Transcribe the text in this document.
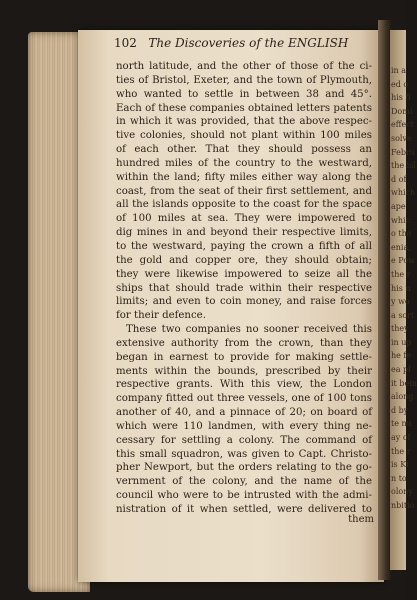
in a
ed o
his fi
Domi
effect
solve
Febru
the isl
d of
which
ape
whic
o the
enia,
e Pow
the r
his n
y wo
a sort
they
in up
he fe
ea pl
it bein
along
d by
te nu
ay of
the r
is Ki
n to
olony
nbitio
102 The Discoveries of the ENGLISH
north latitude, and the other of those of the ci-
ties of Bristol, Exeter, and the town of Plymouth,
who wanted to settle in between 38 and 45°.
Each of these companies obtained letters patents
in which it was provided, that the above respec-
tive colonies, should not plant within 100 miles
of each other. That they should possess an
hundred miles of the country to the westward,
within the land; fifty miles either way along the
coast, from the seat of their first settlement, and
all the islands opposite to the coast for the space
of 100 miles at sea. They were impowered to
dig mines in and beyond their respective limits,
to the westward, paying the crown a fifth of all
the gold and copper ore, they should obtain;
they were likewise impowered to seize all the
ships that should trade within their respective
limits; and even to coin money, and raise forces
for their defence.
These two companies no sooner received this
extensive authority from the crown, than they
began in earnest to provide for making settle-
ments within the bounds, prescribed by their
respective grants. With this view, the London
company fitted out three vessels, one of 100 tons
another of 40, and a pinnace of 20; on board of
which were 110 landmen, with every thing ne-
cessary for settling a colony. The command of
this small squadron, was given to Capt. Christo-
pher Newport, but the orders relating to the go-
vernment of the colony, and the name of the
council who were to be intrusted with the admi-
nistration of it when settled, were delivered to
them
